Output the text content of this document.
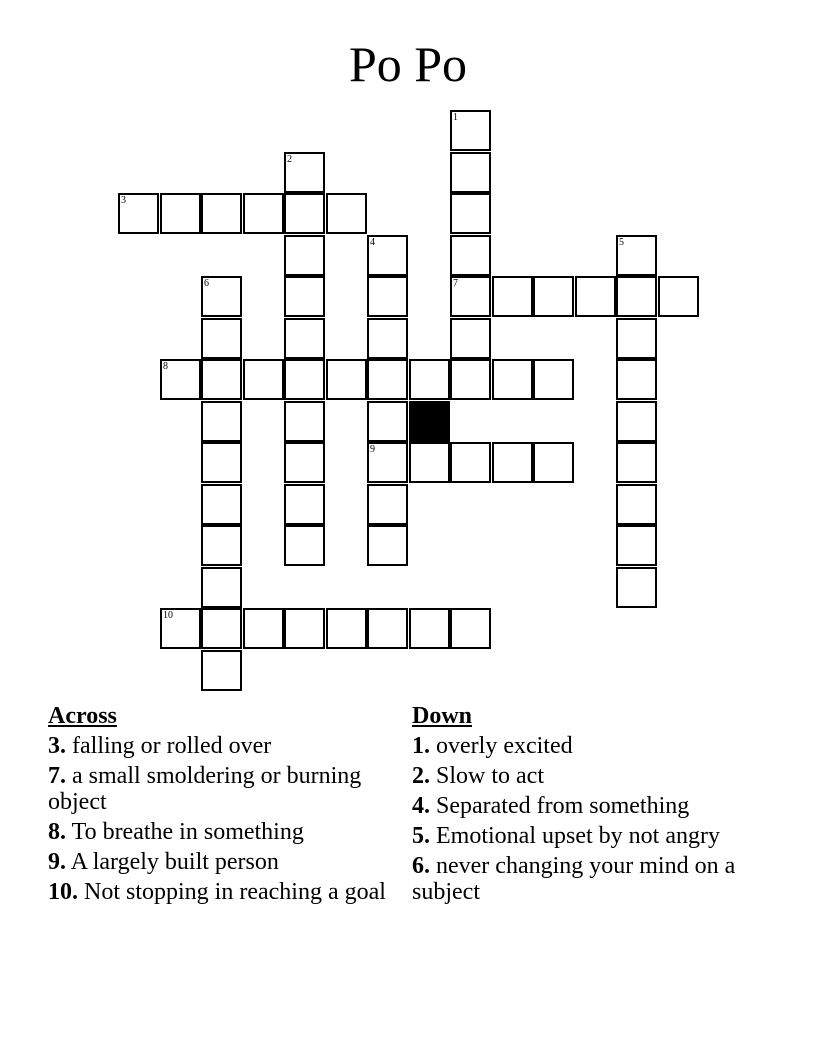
Po Po
3
7
8
9
10
1
2
4	5
6
Across
3. falling or rolled over
7. a small smoldering or burning object
8. To breathe in something
9. A largely built person
10. Not stopping in reaching a goal
Down
1. overly excited
2. Slow to act
4. Separated from something
5. Emotional upset by not angry
6. never changing your mind on a subject
